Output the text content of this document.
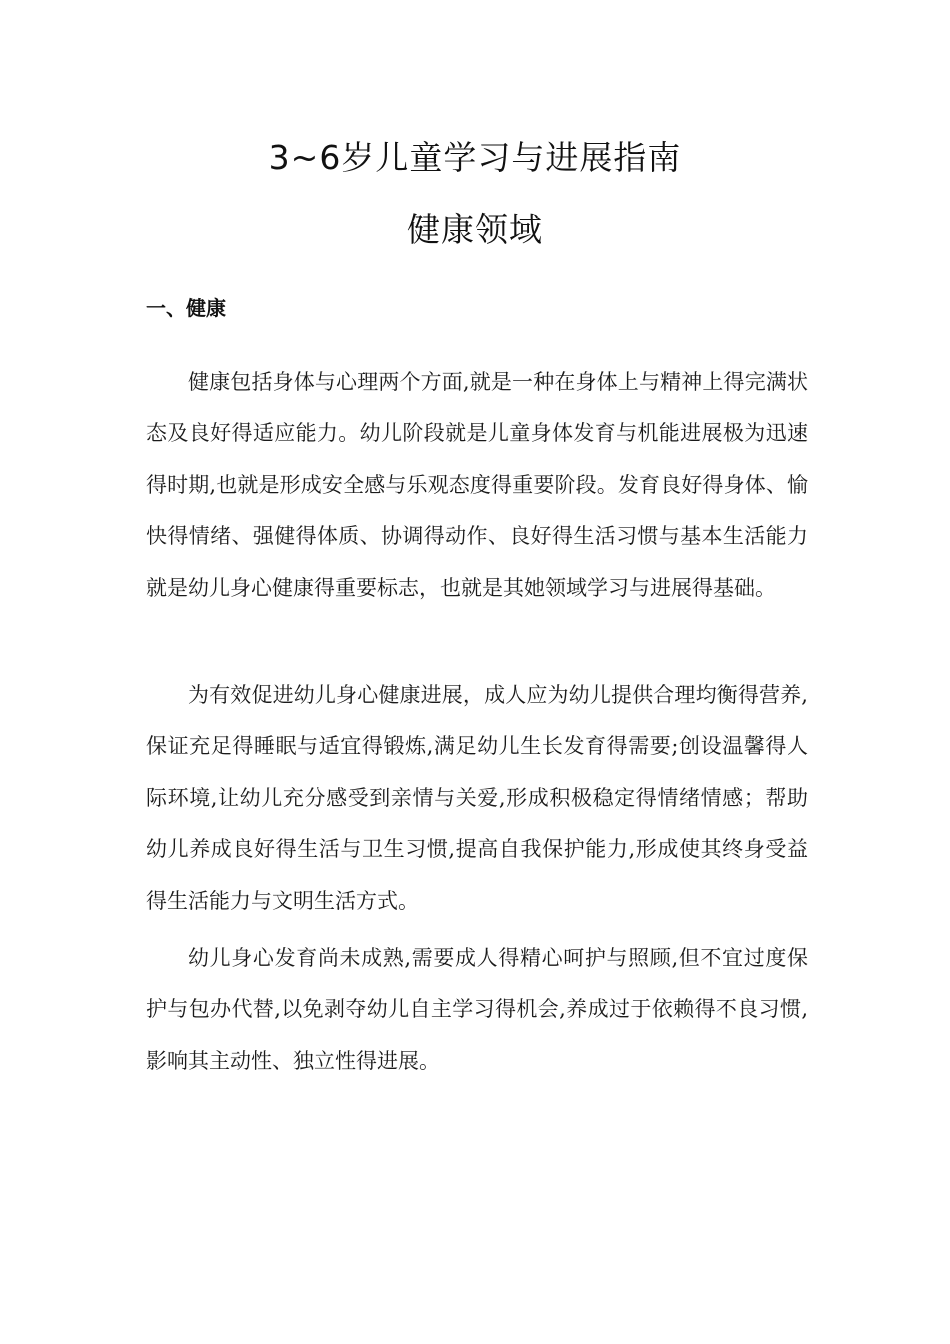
3~6岁儿童学习与进展指南
健康领域
一、健康

健康包括身体与心理两个方面,就是一种在身体上与精神上得完满状态及良好得适应能力。幼儿阶段就是儿童身体发育与机能进展极为迅速得时期,也就是形成安全感与乐观态度得重要阶段。发育良好得身体、愉快得情绪、强健得体质、协调得动作、良好得生活习惯与基本生活能力就是幼儿身心健康得重要标志，也就是其她领域学习与进展得基础。

为有效促进幼儿身心健康进展，成人应为幼儿提供合理均衡得营养,保证充足得睡眠与适宜得锻炼,满足幼儿生长发育得需要;创设温馨得人际环境,让幼儿充分感受到亲情与关爱,形成积极稳定得情绪情感；帮助幼儿养成良好得生活与卫生习惯,提高自我保护能力,形成使其终身受益得生活能力与文明生活方式。

幼儿身心发育尚未成熟,需要成人得精心呵护与照顾,但不宜过度保护与包办代替,以免剥夺幼儿自主学习得机会,养成过于依赖得不良习惯,影响其主动性、独立性得进展。
